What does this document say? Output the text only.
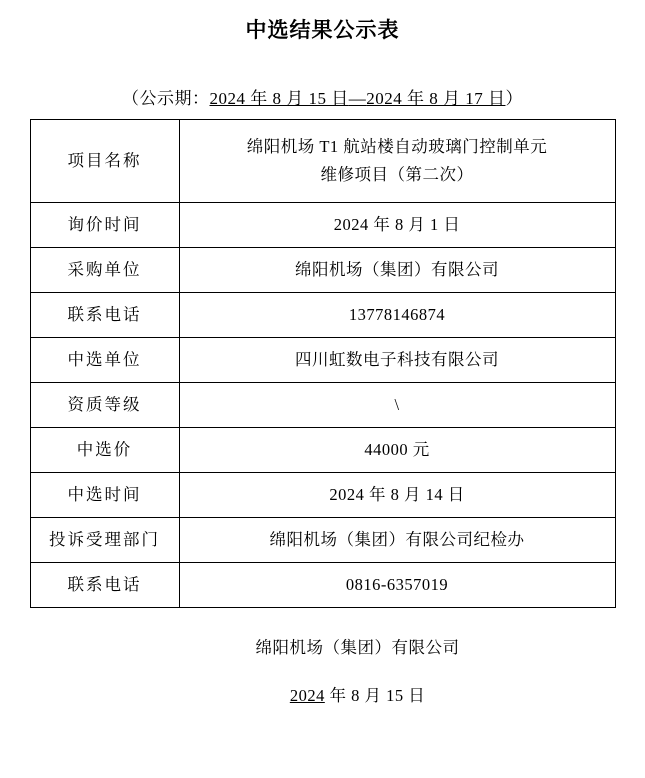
中选结果公示表
（公示期：2024 年 8 月 15 日—2024 年 8 月 17 日）
项目名称	绵阳机场 T1 航站楼自动玻璃门控制单元
维修项目（第二次）

询价时间	2024 年 8 月 1 日
采购单位	绵阳机场（集团）有限公司
联系电话	13778146874
中选单位	四川虹数电子科技有限公司
资质等级	\
中选价	44000 元
中选时间	2024 年 8 月 14 日
投诉受理部门	绵阳机场（集团）有限公司纪检办
联系电话	0816-6357019
绵阳机场（集团）有限公司
2024 年 8 月 15 日
